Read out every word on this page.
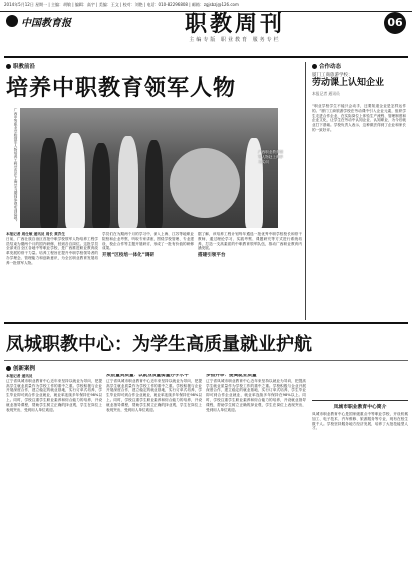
2014年5月12日 星期一 | 主编：胡敏 | 编辑：高宇 | 美编：王文 | 校对：刘艳 | 电话：010-82296808 | 邮箱：zgjsbzj@126.com
中国教育报	职教周刊
主编专版 职业教育 服务专栏
06
职教前沿
培养中职教育领军人物
广西中等职业学校领军人物培养工程学员在上海学习期间参观实训基地。	广西职业教育领军人物赴上海学习实训
本报记者 周仕敏 通讯员 周长 黄乔生
日前，广西壮族自治区首批中职学校领军人物培养工程学员结束为期两个月的国内研修，回到各自岗位。这批学员全部来自全区各地中等职业学校，是广西推进职业教育改革发展的骨干力量。培养工程旨在提升中职学校领导者的办学理念、管理能力和创新意识，为全区职业教育发展培养一批领军人物。
学员们在为期两个月的学习中，深入上海、江苏等地职业院校和企业考察，听取专家讲座，围绕学校管理、专业建设、校企合作等主题开展研讨，形成了一批有价值的研修成果。
开展“区校培一体化”调研
据了解，该培养工程计划每年遴选一批优秀中职学校校长和骨干教师，通过理论学习、实践考察、课题研究等方式进行系统培养，打造一支高素质的中职教育领军队伍，推动广西职业教育内涵发展。
搭建引领平台
合作动态
厦门工商旅游学校：
劳动课上认知企业
本报记者 通讯员
“职业学校学生不能只会动手，还要知道企业是怎样运作的。”厦门工商旅游学校在劳动课中引入企业元素，组织学生走进合作企业，在实际岗位上体验生产流程、管理制度和企业文化，让学生在劳动中认知企业、认知职业，为今后就业打下基础。学校负责人表示，这种做法得到了企业和家长的一致好评。
凤城职教中心：为学生高质量就业护航
创新案例
本报记者 通讯员
辽宁省凤城市职业教育中心近年来坚持以就业为导向，把提高学生就业质量作为学校工作的重中之重。学校积极与企业开展深度合作，建立稳定的就业基地，实行订单式培养，学生毕业即可到合作企业就业，就业率连续多年保持在98%以上。同时，学校注重学生职业素养和综合能力的培养，开设就业指导课程，帮助学生树立正确的择业观，学生在岗位上表现突出，受到用人单位欢迎。
从数量到质量：以就业质量衡量办学水平
辽宁省凤城市职业教育中心近年来坚持以就业为导向，把提高学生就业质量作为学校工作的重中之重。学校积极与企业开展深度合作，建立稳定的就业基地，实行订单式培养，学生毕业即可到合作企业就业，就业率连续多年保持在98%以上。同时，学校注重学生职业素养和综合能力的培养，开设就业指导课程，帮助学生树立正确的择业观，学生在岗位上表现突出，受到用人单位欢迎。
多措并举：提高就业质量
辽宁省凤城市职业教育中心近年来坚持以就业为导向，把提高学生就业质量作为学校工作的重中之重。学校积极与企业开展深度合作，建立稳定的就业基地，实行订单式培养，学生毕业即可到合作企业就业，就业率连续多年保持在98%以上。同时，学校注重学生职业素养和综合能力的培养，开设就业指导课程，帮助学生树立正确的择业观，学生在岗位上表现突出，受到用人单位欢迎。	凤城市职业教育中心简介
凤城市职业教育中心是国家级重点中等职业学校，开设机械加工、电子技术、汽车维修、旅游服务等专业，现有在校生数千人。学校坚持服务地方经济发展，培养了大批技能型人才。
